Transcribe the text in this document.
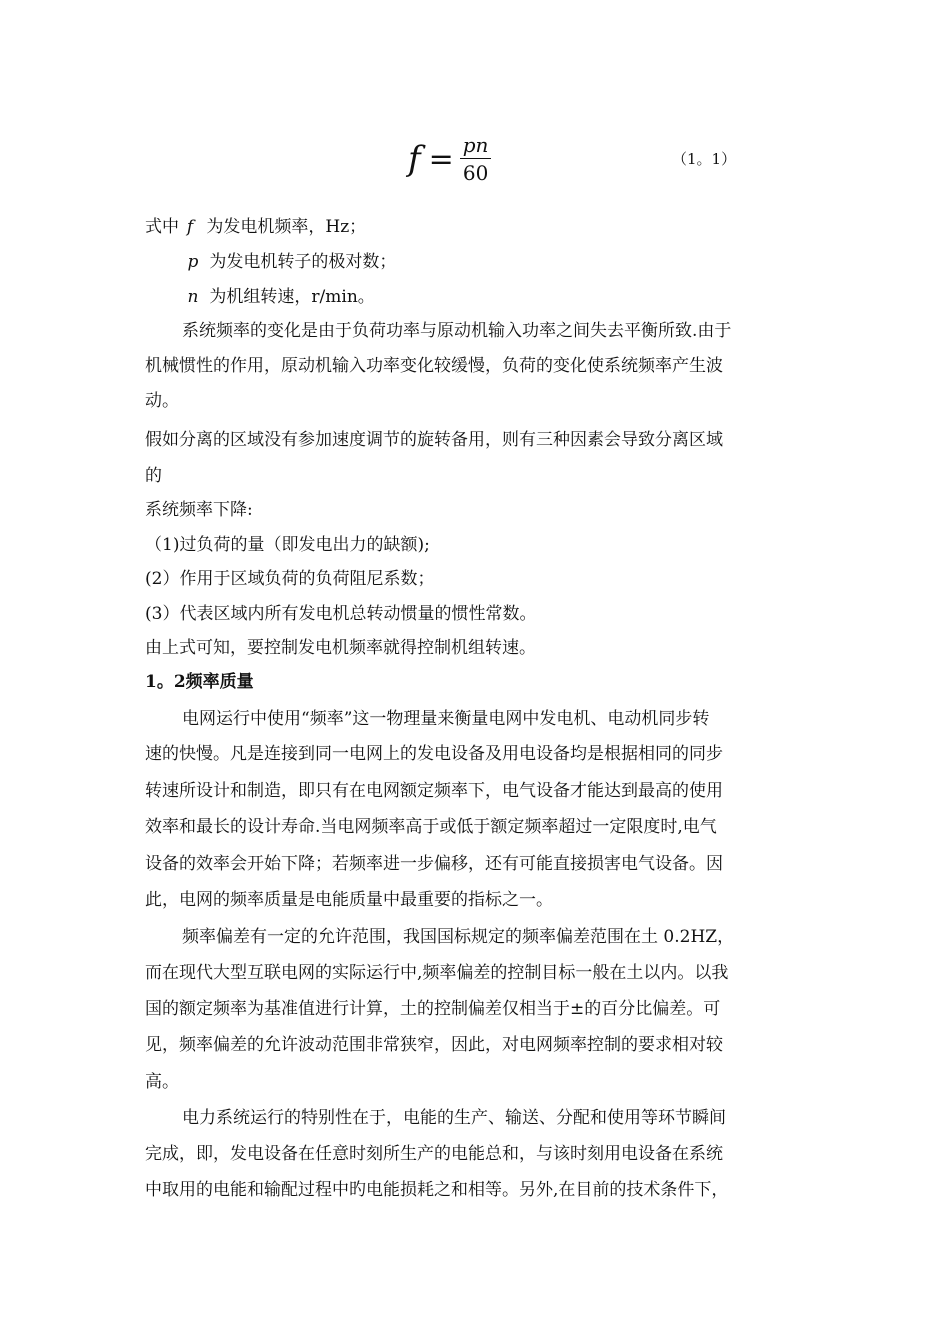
$f = \frac{pn}{60}$	（1。1）
式中 f 为发电机频率，Hz；
p 为发电机转子的极对数；
n 为机组转速，r/min。
系统频率的变化是由于负荷功率与原动机输入功率之间失去平衡所致.由于
机械惯性的作用，原动机输入功率变化较缓慢，负荷的变化使系统频率产生波
动。
假如分离的区域没有参加速度调节的旋转备用，则有三种因素会导致分离区域
的
系统频率下降:
（1)过负荷的量（即发电出力的缺额);
(2）作用于区域负荷的负荷阻尼系数；
(3）代表区域内所有发电机总转动惯量的惯性常数。
由上式可知，要控制发电机频率就得控制机组转速。
1。2频率质量
电网运行中使用“频率”这一物理量来衡量电网中发电机、电动机同步转
速的快慢。凡是连接到同一电网上的发电设备及用电设备均是根据相同的同步
转速所设计和制造，即只有在电网额定频率下，电气设备才能达到最高的使用
效率和最长的设计寿命.当电网频率高于或低于额定频率超过一定限度时,电气
设备的效率会开始下降；若频率进一步偏移，还有可能直接损害电气设备。因
此，电网的频率质量是电能质量中最重要的指标之一。
频率偏差有一定的允许范围，我国国标规定的频率偏差范围在土 0.2HZ，
而在现代大型互联电网的实际运行中,频率偏差的控制目标一般在土以内。以我
国的额定频率为基准值进行计算，土的控制偏差仅相当于±的百分比偏差。可
见，频率偏差的允许波动范围非常狭窄，因此，对电网频率控制的要求相对较
高。
电力系统运行的特别性在于，电能的生产、输送、分配和使用等环节瞬间
完成，即，发电设备在任意时刻所生产的电能总和，与该时刻用电设备在系统
中取用的电能和输配过程中旳电能损耗之和相等。另外,在目前的技术条件下，
